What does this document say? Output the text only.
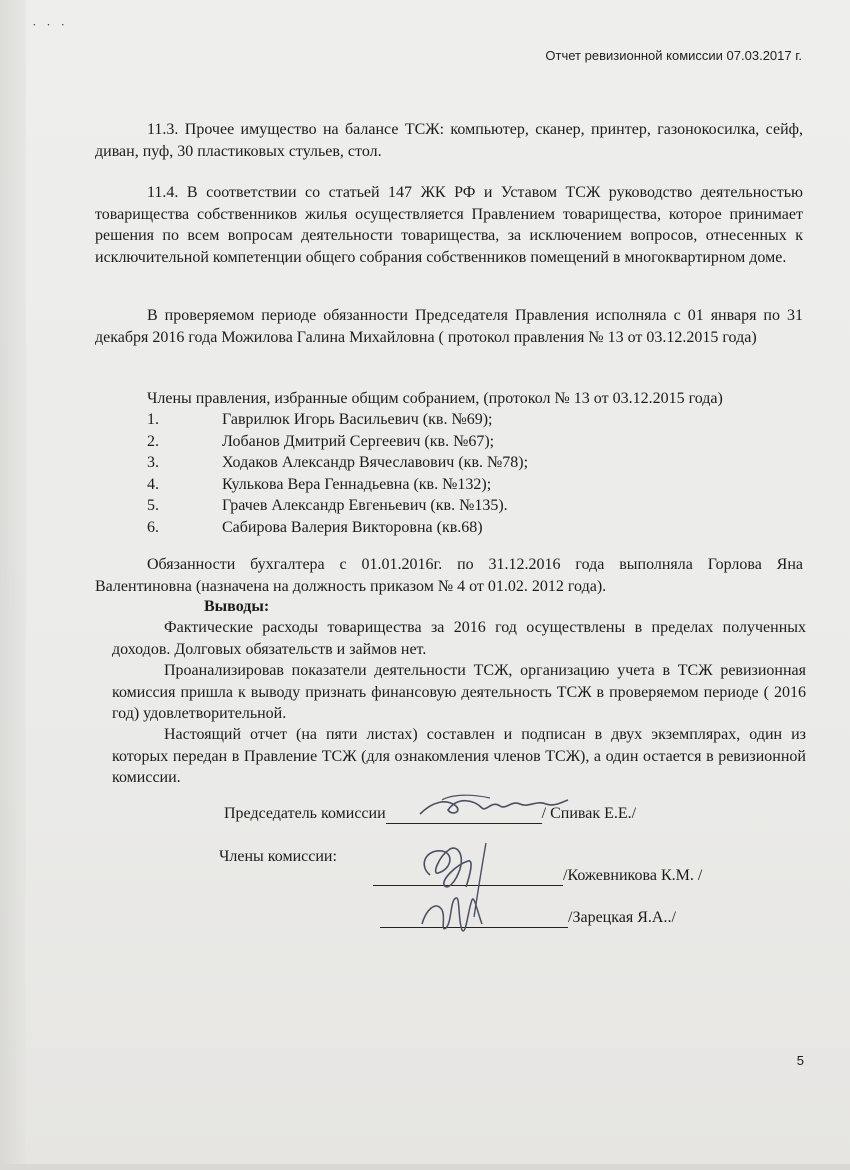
˙ ˙ ˙
Отчет ревизионной комиссии 07.03.2017 г.
11.3. Прочее имущество на балансе ТСЖ: компьютер, сканер, принтер, газонокосилка, сейф, диван, пуф, 30 пластиковых стульев, стол.
11.4. В соответствии со статьей 147 ЖК РФ и Уставом ТСЖ руководство деятельностью товарищества собственников жилья осуществляется Правлением товарищества, которое принимает решения по всем вопросам деятельности товарищества, за исключением вопросов, отнесенных к исключительной компетенции общего собрания собственников помещений в многоквартирном доме.
В проверяемом периоде обязанности Председателя Правления исполняла с 01 января по 31 декабря 2016 года Можилова Галина Михайловна ( протокол правления № 13 от 03.12.2015 года)
Члены правления, избранные общим собранием, (протокол № 13 от 03.12.2015 года)
1.	Гаврилюк Игорь Васильевич (кв. №69);
2.	Лобанов Дмитрий Сергеевич (кв. №67);
3.	Ходаков Александр Вячеславович (кв. №78);
4.	Кулькова Вера Геннадьевна (кв. №132);
5.	Грачев Александр Евгеньевич (кв. №135).
6.	Сабирова Валерия Викторовна (кв.68)
Обязанности бухгалтера с 01.01.2016г. по 31.12.2016 года выполняла Горлова Яна Валентиновна (назначена на должность приказом № 4 от 01.02. 2012 года).
Выводы:
Фактические расходы товарищества за 2016 год осуществлены в пределах полученных доходов. Долговых обязательств и займов нет.
Проанализировав показатели деятельности ТСЖ, организацию учета в ТСЖ ревизионная комиссия пришла к выводу признать финансовую деятельность ТСЖ в проверяемом периоде ( 2016 год) удовлетворительной.
Настоящий отчет (на пяти листах) составлен и подписан в двух экземплярах, один из которых передан в Правление ТСЖ (для ознакомления членов ТСЖ), а один остается в ревизионной комиссии.
Председатель комиссии	/ Спивак Е.Е./
Члены комиссии:
/Кожевникова К.М. /
/Зарецкая Я.А../
5
